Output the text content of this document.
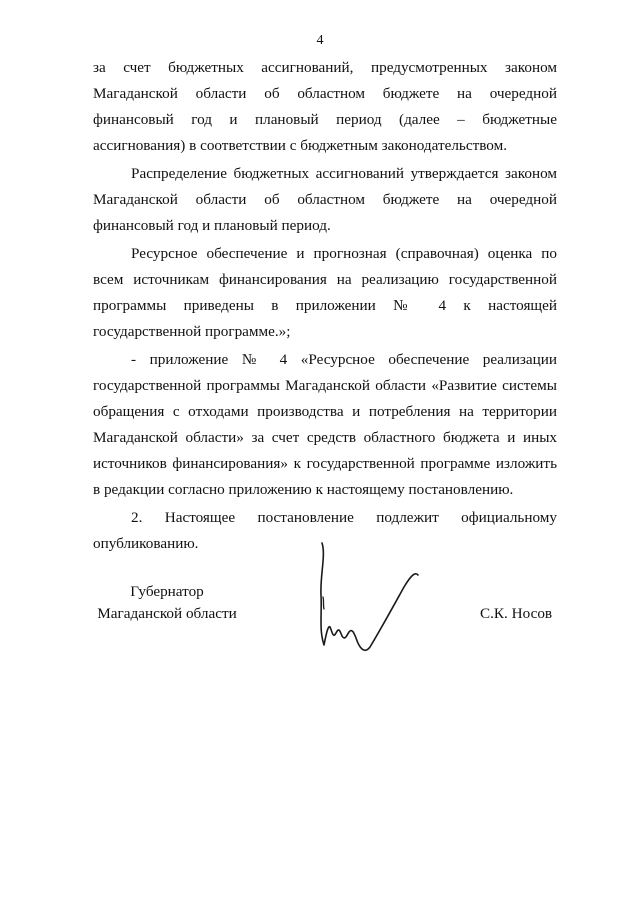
4

за счет бюджетных ассигнований, предусмотренных законом Магаданской области об областном бюджете на очередной финансовый год и плановый период (далее – бюджетные ассигнования) в соответствии с бюджетным законодательством.

Распределение бюджетных ассигнований утверждается законом Магаданской области об областном бюджете на очередной финансовый год и плановый период.

Ресурсное обеспечение и прогнозная (справочная) оценка по всем источникам финансирования на реализацию государственной программы приведены в приложении № 4 к настоящей государственной программе.»;

- приложение № 4 «Ресурсное обеспечение реализации государственной программы Магаданской области «Развитие системы обращения с отходами производства и потребления на территории Магаданской области» за счет средств областного бюджета и иных источников финансирования» к государственной программе изложить в редакции согласно приложению к настоящему постановлению.

2. Настоящее постановление подлежит официальному опубликованию.

Губернатор
Магаданской области	С.К. Носов
